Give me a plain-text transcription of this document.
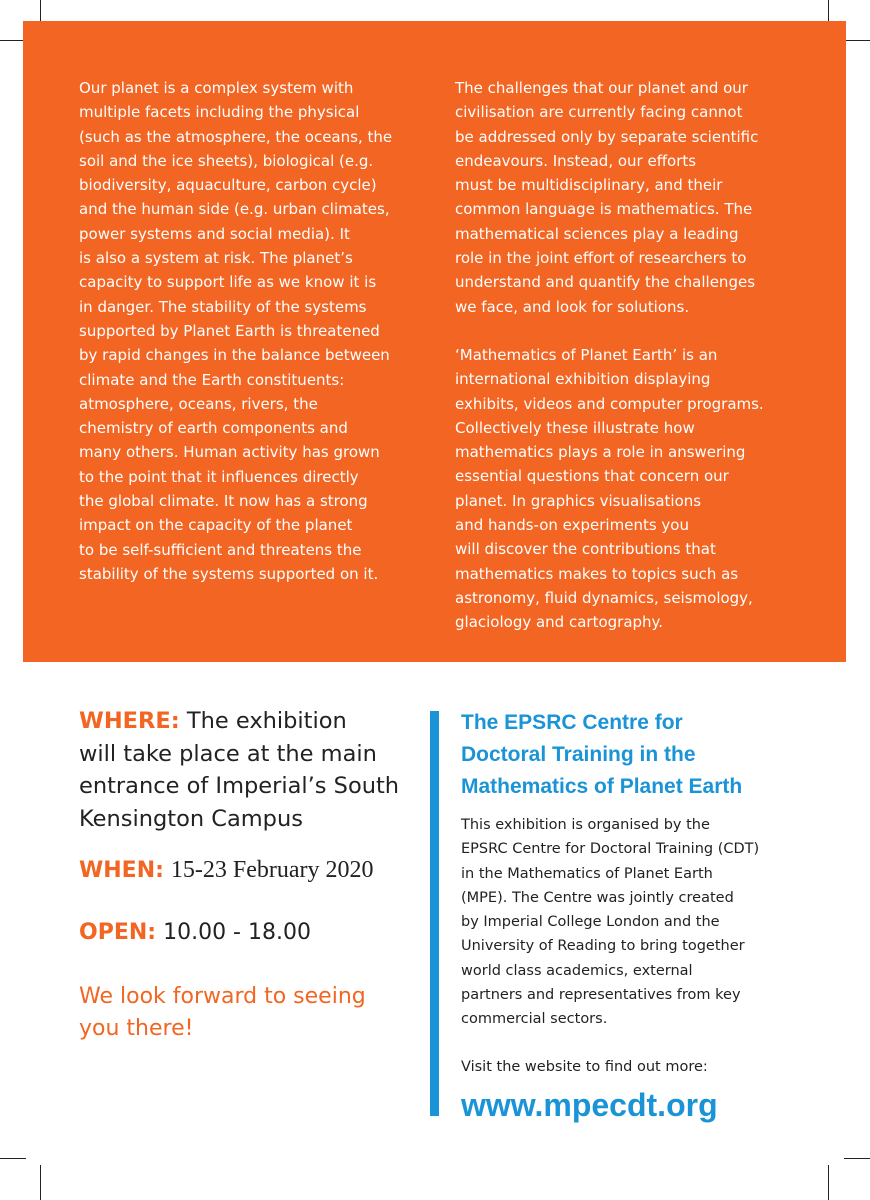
Our planet is a complex system with
multiple facets including the physical
(such as the atmosphere, the oceans, the
soil and the ice sheets), biological (e.g.
biodiversity, aquaculture, carbon cycle)
and the human side (e.g. urban climates,
power systems and social media). It
is also a system at risk. The planet’s
capacity to support life as we know it is
in danger. The stability of the systems
supported by Planet Earth is threatened
by rapid changes in the balance between
climate and the Earth constituents:
atmosphere, oceans, rivers, the
chemistry of earth components and
many others. Human activity has grown
to the point that it influences directly
the global climate. It now has a strong
impact on the capacity of the planet
to be self-sufficient and threatens the
stability of the systems supported on it.
The challenges that our planet and our
civilisation are currently facing cannot
be addressed only by separate scientific
endeavours. Instead, our efforts
must be multidisciplinary, and their
common language is mathematics. The
mathematical sciences play a leading
role in the joint effort of researchers to
understand and quantify the challenges
we face, and look for solutions.
‘Mathematics of Planet Earth’ is an
international exhibition displaying
exhibits, videos and computer programs.
Collectively these illustrate how
mathematics plays a role in answering
essential questions that concern our
planet. In graphics visualisations
and hands-on experiments you
will discover the contributions that
mathematics makes to topics such as
astronomy, fluid dynamics, seismology,
glaciology and cartography.
WHERE: The exhibition
will take place at the main
entrance of Imperial’s South
Kensington Campus
WHEN: 15-23 February 2020
OPEN: 10.00 - 18.00
We look forward to seeing
you there!
The EPSRC Centre for
Doctoral Training in the
Mathematics of Planet Earth
This exhibition is organised by the
EPSRC Centre for Doctoral Training (CDT)
in the Mathematics of Planet Earth
(MPE). The Centre was jointly created
by Imperial College London and the
University of Reading to bring together
world class academics, external
partners and representatives from key
commercial sectors.
Visit the website to find out more:
www.mpecdt.org
